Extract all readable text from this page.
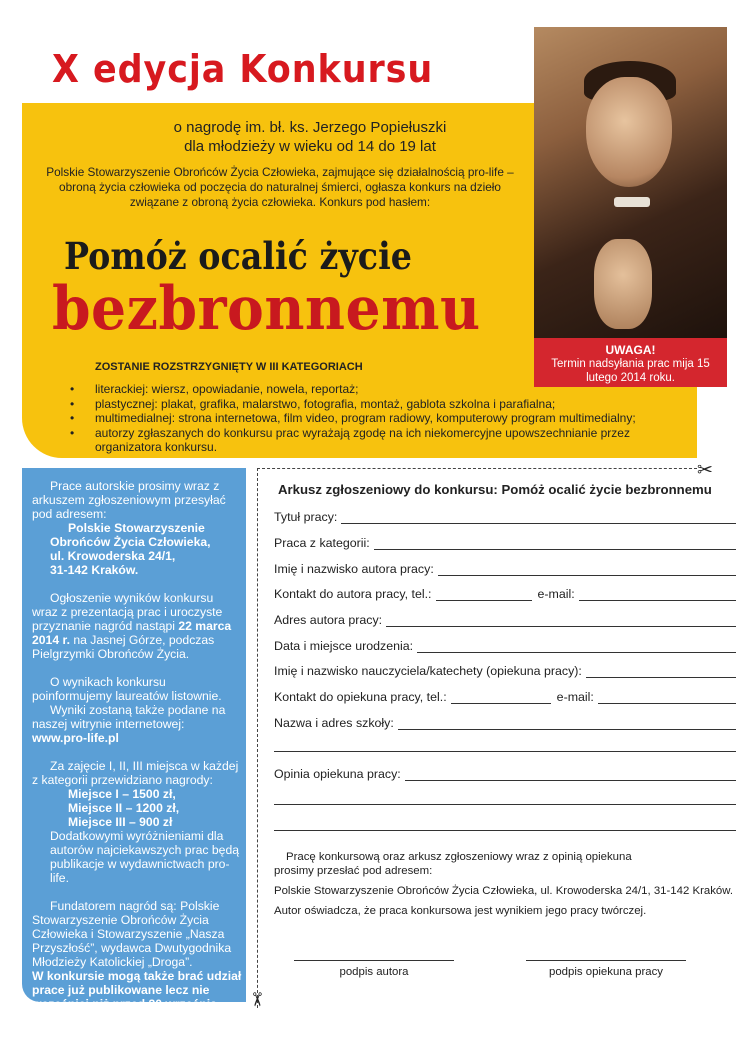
X edycja Konkursu
UWAGA!
Termin nadsyłania prac mija 15 lutego 2014 roku.
o nagrodę im. bł. ks. Jerzego Popiełuszki
dla młodzieży w wieku od 14 do 19 lat
Polskie Stowarzyszenie Obrońców Życia Człowieka, zajmujące się działalnością pro-life – obroną życia człowieka od poczęcia do naturalnej śmierci, ogłasza konkurs na dzieło związane z obroną życia człowieka. Konkurs pod hasłem:
Pomóż ocalić życie
bezbronnemu
ZOSTANIE ROZSTRZYGNIĘTY W III KATEGORIACH
• literackiej: wiersz, opowiadanie, nowela, reportaż;
• plastycznej: plakat, grafika, malarstwo, fotografia, montaż, gablota szkolna i parafialna;
• multimedialnej: strona internetowa, film video, program radiowy, komputerowy program multimedialny;
• autorzy zgłaszanych do konkursu prac wyrażają zgodę na ich niekomercyjne upowszechnianie przez organizatora konkursu.

Prace autorskie prosimy wraz z arkuszem zgłoszeniowym przesyłać pod adresem:
Polskie Stowarzyszenie
Obrońców Życia Człowieka,
ul. Krowoderska 24/1,
31-142 Kraków.

Ogłoszenie wyników konkursu wraz z prezentacją prac i uroczyste przyznanie nagród nastąpi 22 marca 2014 r. na Jasnej Górze, podczas Pielgrzymki Obrońców Życia.

O wynikach konkursu poinformujemy laureatów listownie.
Wyniki zostaną także podane na naszej witrynie internetowej:
www.pro-life.pl

Za zajęcie I, II, III miejsca w każdej z kategorii przewidziano nagrody:
Miejsce I – 1500 zł,
Miejsce II – 1200 zł,
Miejsce III – 900 zł
Dodatkowymi wyróżnieniami dla autorów najciekawszych prac będą publikacje w wydawnictwach pro-life.

Fundatorem nagród są: Polskie Stowarzyszenie Obrońców Życia Człowieka i Stowarzyszenie „Nasza Przyszłość”, wydawca Dwutygodnika Młodzieży Katolickiej „Droga”.
W konkursie mogą także brać udział prace już publikowane lecz nie wcześniej niż przed 30 września 2012 roku.

✂
✂
Arkusz zgłoszeniowy do konkursu: Pomóż ocalić życie bezbronnemu
Tytuł pracy:
Praca z kategorii:
Imię i nazwisko autora pracy:
Kontakt do autora pracy, tel.:	e-mail:
Adres autora pracy:
Data i miejsce urodzenia:
Imię i nazwisko nauczyciela/katechety (opiekuna pracy):
Kontakt do opiekuna pracy, tel.:	e-mail:
Nazwa i adres szkoły:
Opinia opiekuna pracy:

Pracę konkursową oraz arkusz zgłoszeniowy wraz z opinią opiekuna prosimy przesłać pod adresem:

Polskie Stowarzyszenie Obrońców Życia Człowieka, ul. Krowoderska 24/1, 31-142 Kraków.

Autor oświadcza, że praca konkursowa jest wynikiem jego pracy twórczej.

podpis autora	podpis opiekuna pracy
